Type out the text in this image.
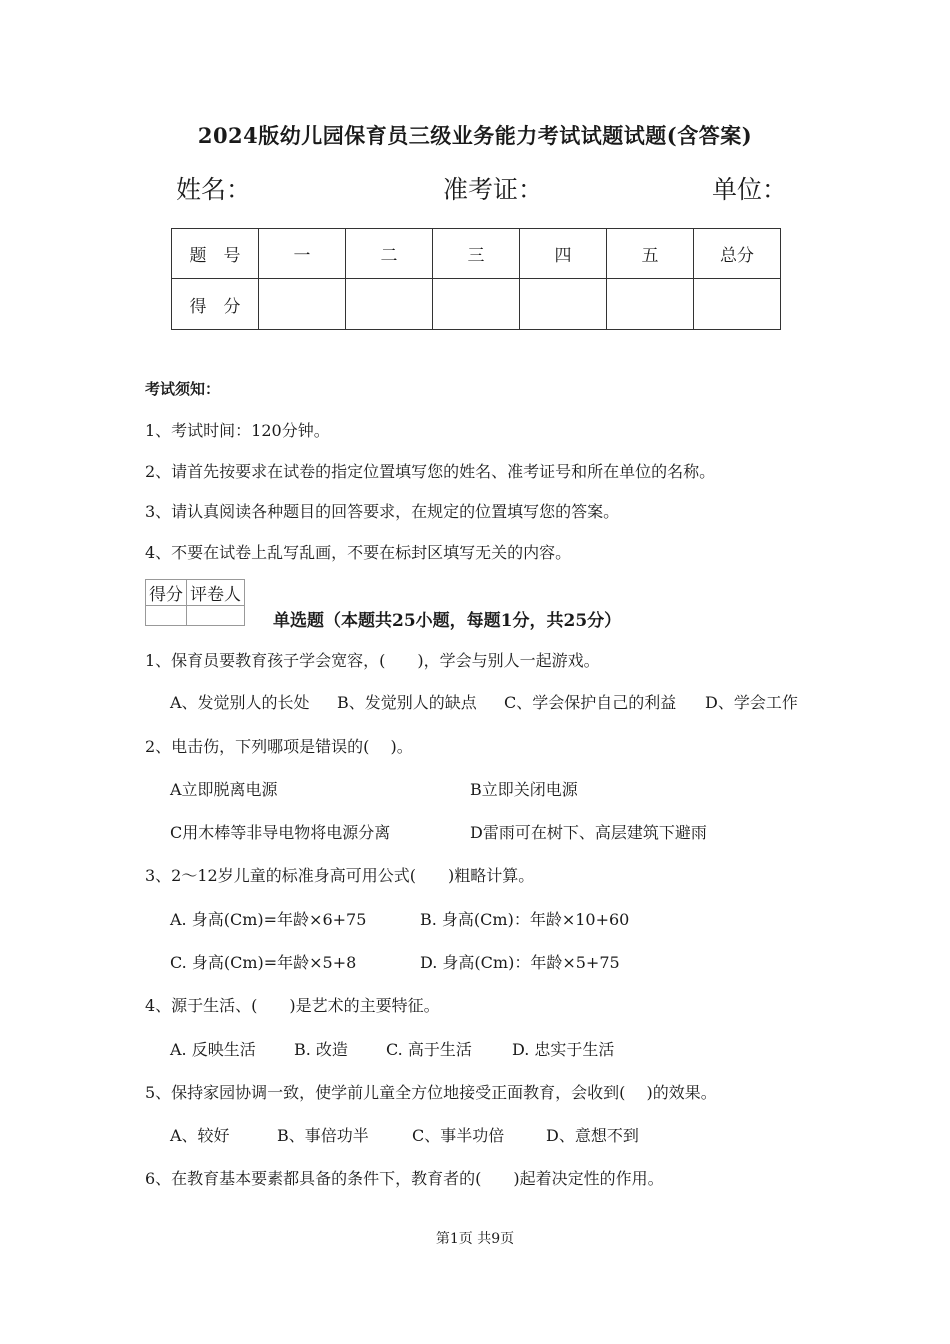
2024版幼儿园保育员三级业务能力考试试题试题(含答案)
姓名：	准考证：	单位：
题　号	一	二	三	四	五	总分
得　分						
考试须知：
1、考试时间：120分钟。
2、请首先按要求在试卷的指定位置填写您的姓名、准考证号和所在单位的名称。
3、请认真阅读各种题目的回答要求，在规定的位置填写您的答案。
4、不要在试卷上乱写乱画，不要在标封区填写无关的内容。
得分	评卷人

单选题（本题共25小题，每题1分，共25分）
1、保育员要教育孩子学会宽容，(　　)，学会与别人一起游戏。
A、发觉别人的长处 B、发觉别人的缺点 C、学会保护自己的利益 D、学会工作
2、电击伤，下列哪项是错误的(　 )。
A立即脱离电源	B立即关闭电源
C用木棒等非导电物将电源分离	D雷雨可在树下、高层建筑下避雨
3、2～12岁儿童的标准身高可用公式(　　)粗略计算。
A. 身高(Cm)=年龄×6+75	B. 身高(Cm)：年龄×10+60
C. 身高(Cm)=年龄×5+8	D. 身高(Cm)：年龄×5+75
4、源于生活、(　　)是艺术的主要特征。
A. 反映生活 B. 改造 C. 高于生活	D. 忠实于生活
5、保持家园协调一致，使学前儿童全方位地接受正面教育，会收到(　 )的效果。
A、较好	B、事倍功半	C、事半功倍	D、意想不到
6、在教育基本要素都具备的条件下，教育者的(　　)起着决定性的作用。
第1页 共9页
